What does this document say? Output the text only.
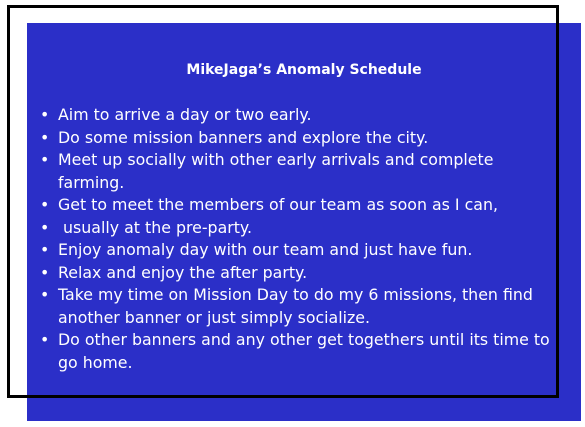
MikeJaga’s Anomaly Schedule
• Aim to arrive a day or two early.
• Do some mission banners and explore the city.
• Meet up socially with other early arrivals and complete farming.
• Get to meet the members of our team as soon as I can,
• usually at the pre-party.
• Enjoy anomaly day with our team and just have fun.
• Relax and enjoy the after party.
• Take my time on Mission Day to do my 6 missions, then find another banner or just simply socialize.
• Do other banners and any other get togethers until its time to go home.
